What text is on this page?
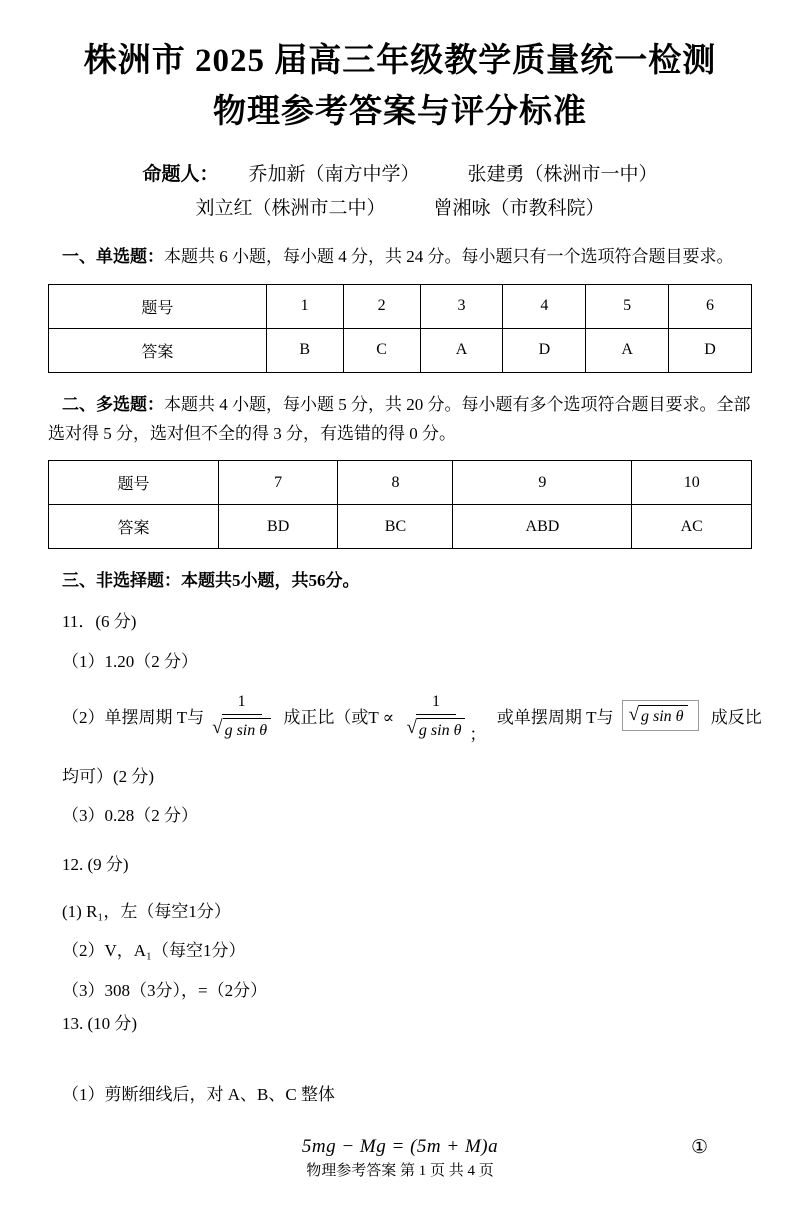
株洲市 2025 届高三年级教学质量统一检测
物理参考答案与评分标准
命题人： 乔加新（南方中学）	张建勇（株洲市一中）
刘立红（株洲市二中）	曾湘咏（市教科院）
一、单选题：本题共 6 小题，每小题 4 分，共 24 分。每小题只有一个选项符合题目要求。
题号	1	2	3	4	5	6
答案	B	C	A	D	A	D
二、多选题：本题共 4 小题，每小题 5 分，共 20 分。每小题有多个选项符合题目要求。全部选对得 5 分，选对但不全的得 3 分，有选错的得 0 分。
题号	7	8	9	10
答案	BD	BC	ABD	AC
三、非选择题：本题共5小题，共56分。
11．(6 分)
（1）1.20（2 分）
（2）单摆周期 T与 $\frac{1}{\text{√ g sin θ}}$ 成正比（或$T \propto \frac{1}{\text{√ g sin θ}}$ ；
或单摆周期 T与 √ g sin θ 成反比
均可）(2 分)
（3）0.28（2 分）
12. (9 分)
(1) R₁，左（每空1分）
（2）V，A₁（每空1分）
（3）308（3分），=（2分）
13. (10 分)
（1）剪断细线后，对 A、B、C 整体
5mg − Mg = (5m + M)a	①
物理参考答案 第 1 页 共 4 页
